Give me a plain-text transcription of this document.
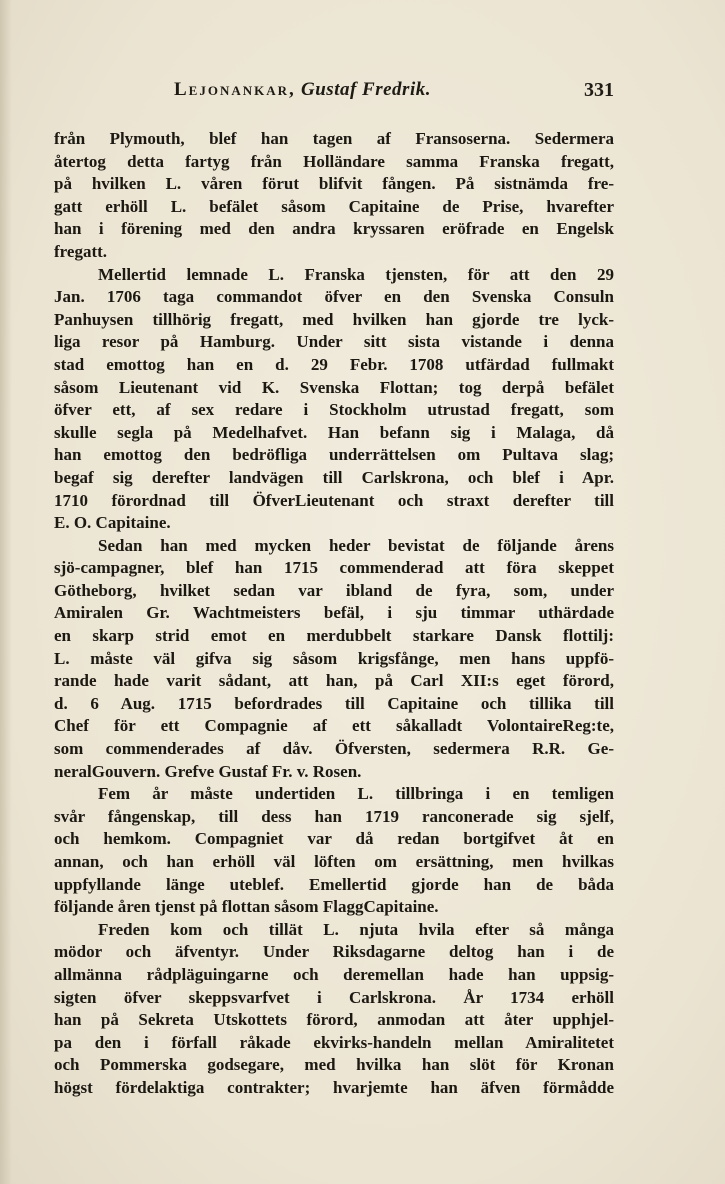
Lejonankar, Gustaf Fredrik.	331
från Plymouth, blef han tagen af Fransoserna. Sedermera
återtog detta fartyg från Holländare samma Franska fregatt,
på hvilken L. våren förut blifvit fången. På sistnämda fre-
gatt erhöll L. befälet såsom Capitaine de Prise, hvarefter
han i förening med den andra kryssaren eröfrade en Engelsk
fregatt.
Mellertid lemnade L. Franska tjensten, för att den 29
Jan. 1706 taga commandot öfver en den Svenska Consuln
Panhuysen tillhörig fregatt, med hvilken han gjorde tre lyck-
liga resor på Hamburg. Under sitt sista vistande i denna
stad emottog han en d. 29 Febr. 1708 utfärdad fullmakt
såsom Lieutenant vid K. Svenska Flottan; tog derpå befälet
öfver ett, af sex redare i Stockholm utrustad fregatt, som
skulle segla på Medelhafvet. Han befann sig i Malaga, då
han emottog den bedröfliga underrättelsen om Pultava slag;
begaf sig derefter landvägen till Carlskrona, och blef i Apr.
1710 förordnad till ÖfverLieutenant och straxt derefter till
E. O. Capitaine.
Sedan han med mycken heder bevistat de följande årens
sjö-campagner, blef han 1715 commenderad att föra skeppet
Götheborg, hvilket sedan var ibland de fyra, som, under
Amiralen Gr. Wachtmeisters befäl, i sju timmar uthärdade
en skarp strid emot en merdubbelt starkare Dansk flottilj:
L. måste väl gifva sig såsom krigsfånge, men hans uppfö-
rande hade varit sådant, att han, på Carl XII:s eget förord,
d. 6 Aug. 1715 befordrades till Capitaine och tillika till
Chef för ett Compagnie af ett såkalladt VolontaireReg:te,
som commenderades af dåv. Öfversten, sedermera R.R. Ge-
neralGouvern. Grefve Gustaf Fr. v. Rosen.
Fem år måste undertiden L. tillbringa i en temligen
svår fångenskap, till dess han 1719 ranconerade sig sjelf,
och hemkom. Compagniet var då redan bortgifvet åt en
annan, och han erhöll väl löften om ersättning, men hvilkas
uppfyllande länge uteblef. Emellertid gjorde han de båda
följande åren tjenst på flottan såsom FlaggCapitaine.
Freden kom och tillät L. njuta hvila efter så många
mödor och äfventyr. Under Riksdagarne deltog han i de
allmänna rådpläguingarne och deremellan hade han uppsig-
sigten öfver skeppsvarfvet i Carlskrona. År 1734 erhöll
han på Sekreta Utskottets förord, anmodan att åter upphjel-
pa den i förfall råkade ekvirks-handeln mellan Amiralitetet
och Pommerska godsegare, med hvilka han slöt för Kronan
högst fördelaktiga contrakter; hvarjemte han äfven förmådde
